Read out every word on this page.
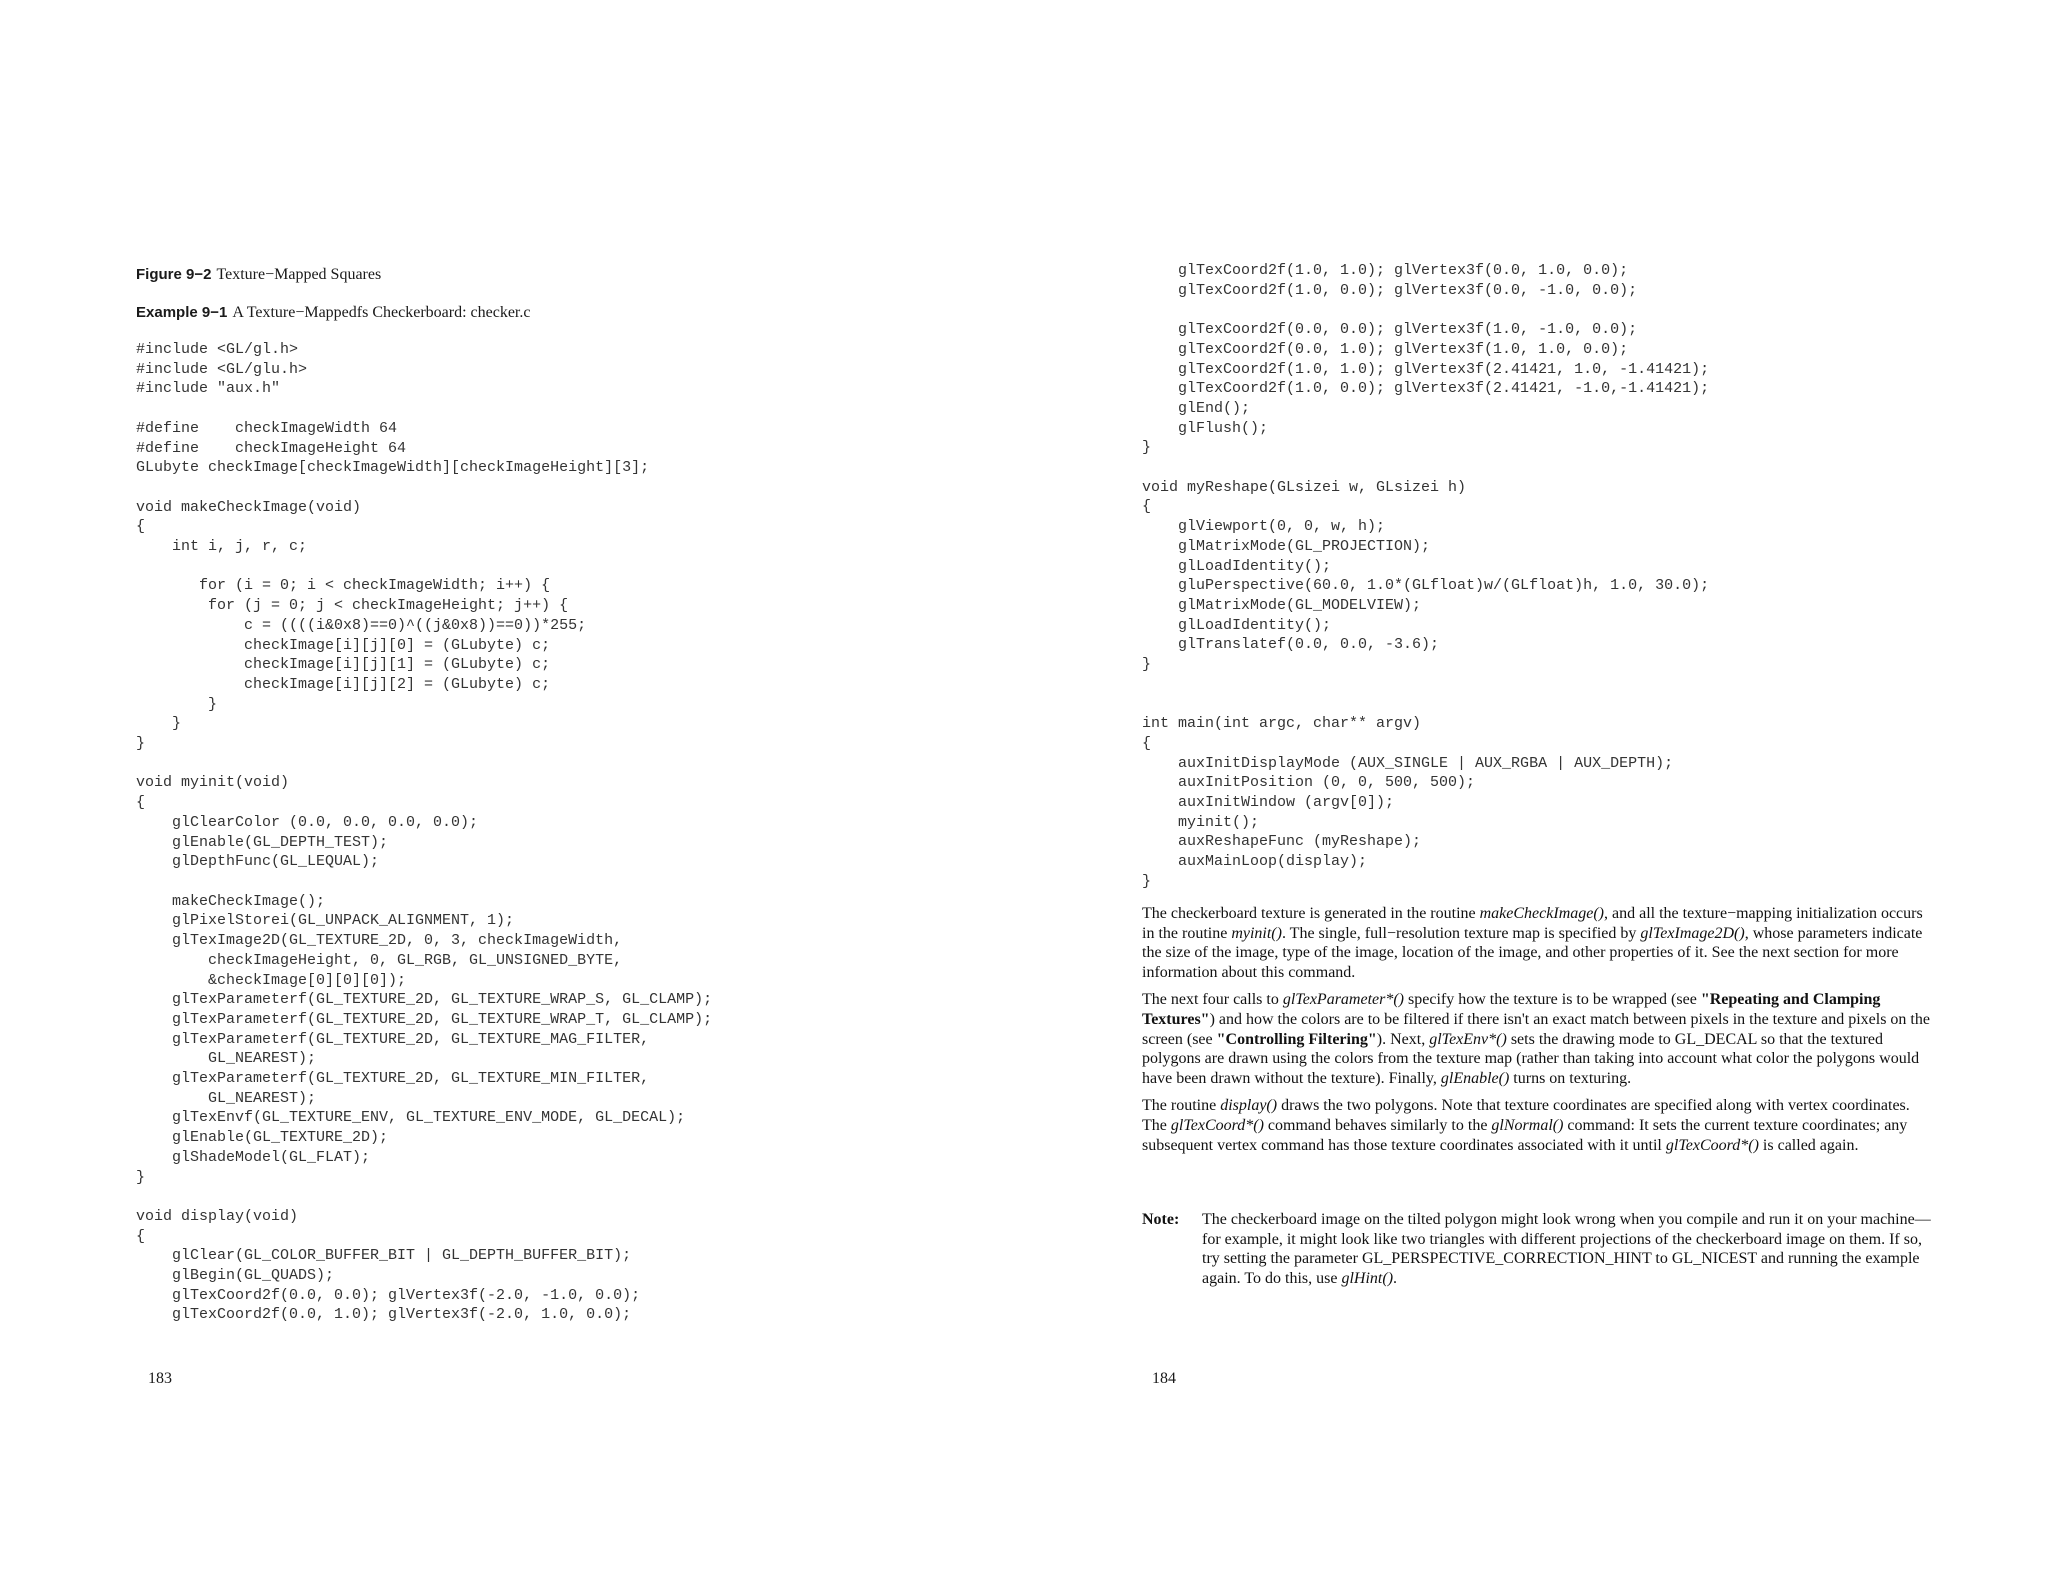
Figure 9−2 Texture−Mapped Squares
Example 9−1 A Texture−Mappedfs Checkerboard: checker.c
#include <GL/gl.h>
#include <GL/glu.h>
#include "aux.h"

#define    checkImageWidth 64
#define    checkImageHeight 64
GLubyte checkImage[checkImageWidth][checkImageHeight][3];

void makeCheckImage(void)
{
int i, j, r, c;

for (i = 0; i < checkImageWidth; i++) {
for (j = 0; j < checkImageHeight; j++) {
c = ((((i&0x8)==0)^((j&0x8))==0))*255;
checkImage[i][j][0] = (GLubyte) c;
checkImage[i][j][1] = (GLubyte) c;
checkImage[i][j][2] = (GLubyte) c;
}
}
}

void myinit(void)
{
glClearColor (0.0, 0.0, 0.0, 0.0);
glEnable(GL_DEPTH_TEST);
glDepthFunc(GL_LEQUAL);

makeCheckImage();
glPixelStorei(GL_UNPACK_ALIGNMENT, 1);
glTexImage2D(GL_TEXTURE_2D, 0, 3, checkImageWidth,
checkImageHeight, 0, GL_RGB, GL_UNSIGNED_BYTE,
&checkImage[0][0][0]);
glTexParameterf(GL_TEXTURE_2D, GL_TEXTURE_WRAP_S, GL_CLAMP);
glTexParameterf(GL_TEXTURE_2D, GL_TEXTURE_WRAP_T, GL_CLAMP);
glTexParameterf(GL_TEXTURE_2D, GL_TEXTURE_MAG_FILTER,
GL_NEAREST);
glTexParameterf(GL_TEXTURE_2D, GL_TEXTURE_MIN_FILTER,
GL_NEAREST);
glTexEnvf(GL_TEXTURE_ENV, GL_TEXTURE_ENV_MODE, GL_DECAL);
glEnable(GL_TEXTURE_2D);
glShadeModel(GL_FLAT);
}

void display(void)
{
glClear(GL_COLOR_BUFFER_BIT | GL_DEPTH_BUFFER_BIT);
glBegin(GL_QUADS);
glTexCoord2f(0.0, 0.0); glVertex3f(-2.0, -1.0, 0.0);
glTexCoord2f(0.0, 1.0); glVertex3f(-2.0, 1.0, 0.0);
183
glTexCoord2f(1.0, 1.0); glVertex3f(0.0, 1.0, 0.0);
glTexCoord2f(1.0, 0.0); glVertex3f(0.0, -1.0, 0.0);

glTexCoord2f(0.0, 0.0); glVertex3f(1.0, -1.0, 0.0);
glTexCoord2f(0.0, 1.0); glVertex3f(1.0, 1.0, 0.0);
glTexCoord2f(1.0, 1.0); glVertex3f(2.41421, 1.0, -1.41421);
glTexCoord2f(1.0, 0.0); glVertex3f(2.41421, -1.0,-1.41421);
glEnd();
glFlush();
}

void myReshape(GLsizei w, GLsizei h)
{
glViewport(0, 0, w, h);
glMatrixMode(GL_PROJECTION);
glLoadIdentity();
gluPerspective(60.0, 1.0*(GLfloat)w/(GLfloat)h, 1.0, 30.0);
glMatrixMode(GL_MODELVIEW);
glLoadIdentity();
glTranslatef(0.0, 0.0, -3.6);
}

int main(int argc, char** argv)
{
auxInitDisplayMode (AUX_SINGLE | AUX_RGBA | AUX_DEPTH);
auxInitPosition (0, 0, 500, 500);
auxInitWindow (argv[0]);
myinit();
auxReshapeFunc (myReshape);
auxMainLoop(display);
}

The checkerboard texture is generated in the routine makeCheckImage(), and all the texture−mapping initialization occurs in the routine myinit(). The single, full−resolution texture map is specified by glTexImage2D(), whose parameters indicate the size of the image, type of the image, location of the image, and other properties of it. See the next section for more information about this command.

The next four calls to glTexParameter*() specify how the texture is to be wrapped (see "Repeating and Clamping Textures") and how the colors are to be filtered if there isn't an exact match between pixels in the texture and pixels on the screen (see "Controlling Filtering"). Next, glTexEnv*() sets the drawing mode to GL_DECAL so that the textured polygons are drawn using the colors from the texture map (rather than taking into account what color the polygons would have been drawn without the texture). Finally, glEnable() turns on texturing.

The routine display() draws the two polygons. Note that texture coordinates are specified along with vertex coordinates. The glTexCoord*() command behaves similarly to the glNormal() command: It sets the current texture coordinates; any subsequent vertex command has those texture coordinates associated with it until glTexCoord*() is called again.

Note:	The checkerboard image on the tilted polygon might look wrong when you compile and run it on your machine—for example, it might look like two triangles with different projections of the checkerboard image on them. If so, try setting the parameter GL_PERSPECTIVE_CORRECTION_HINT to GL_NICEST and running the example again. To do this, use glHint().
184
